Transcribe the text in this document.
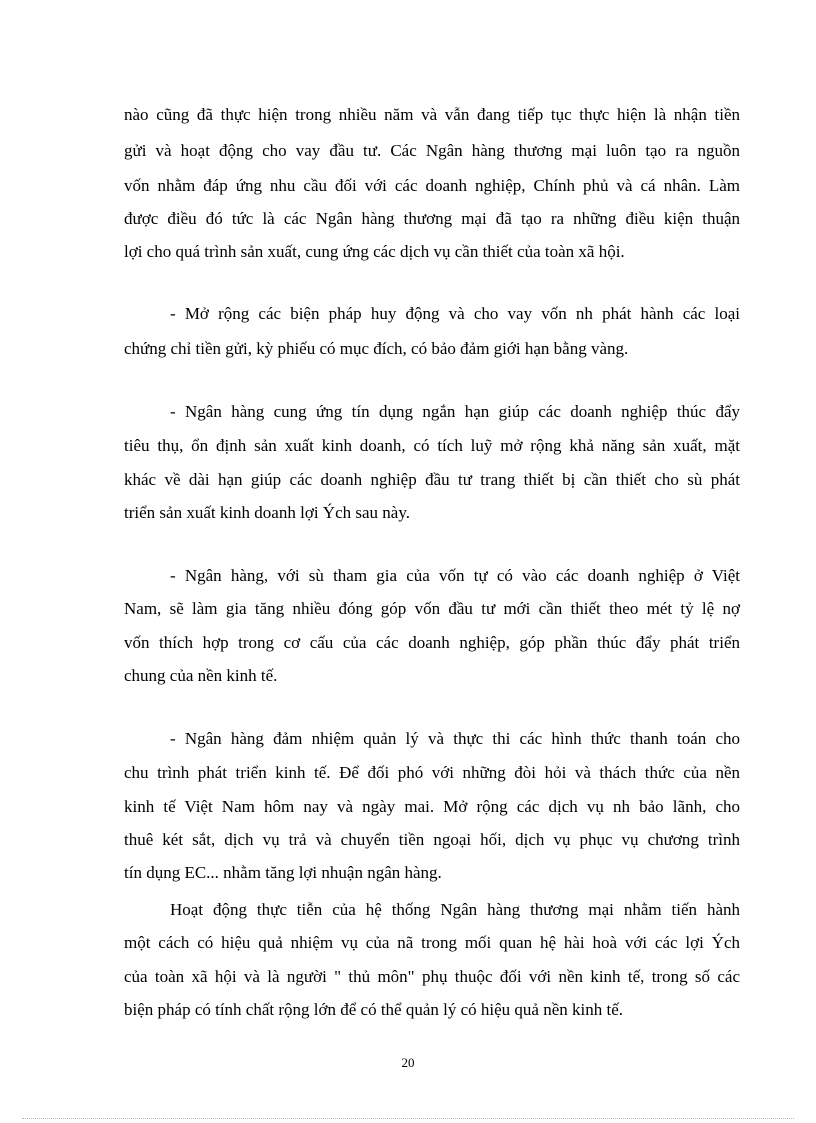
nào cũng đã thực hiện trong nhiều năm và vẫn đang tiếp tục thực hiện là nhận tiền
gửi và hoạt động cho vay đầu tư. Các Ngân hàng thương mại luôn tạo ra nguồn
vốn nhằm đáp ứng nhu cầu đối với các doanh nghiệp, Chính phủ và cá nhân. Làm
được điều đó tức là các Ngân hàng thương mại đã tạo ra những điều kiện thuận
lợi cho quá trình sản xuất, cung ứng các dịch vụ cần thiết của toàn xã hội.
- Mở rộng các biện pháp huy động và cho vay vốn nh phát hành các loại
chứng chỉ tiền gửi, kỳ phiếu có mục đích, có bảo đảm giới hạn bằng vàng.
- Ngân hàng cung ứng tín dụng ngắn hạn giúp các doanh nghiệp thúc đẩy
tiêu thụ, ổn định sản xuất kinh doanh, có tích luỹ mở rộng khả năng sản xuất, mặt
khác về dài hạn giúp các doanh nghiệp đầu tư trang thiết bị cần thiết cho sù phát
triển sản xuất kinh doanh lợi Ých sau này.
- Ngân hàng, với sù tham gia của vốn tự có vào các doanh nghiệp ở Việt
Nam, sẽ làm gia tăng nhiều đóng góp vốn đầu tư mới cần thiết theo mét tỷ lệ nợ
vốn thích hợp trong cơ cấu của các doanh nghiệp, góp phần thúc đẩy phát triển
chung của nền kinh tế.
- Ngân hàng đảm nhiệm quản lý và thực thi các hình thức thanh toán cho
chu trình phát triển kinh tế. Để đối phó với những đòi hỏi và thách thức của nền
kinh tế Việt Nam hôm nay và ngày mai. Mở rộng các dịch vụ nh bảo lãnh, cho
thuê két sắt, dịch vụ trả và chuyển tiền ngoại hối, dịch vụ phục vụ chương trình
tín dụng EC... nhằm tăng lợi nhuận ngân hàng.
Hoạt động thực tiễn của hệ thống Ngân hàng thương mại nhằm tiến hành
một cách có hiệu quả nhiệm vụ của nã trong mối quan hệ hài hoà với các lợi Ých
của toàn xã hội và là người " thủ môn" phụ thuộc đối với nền kinh tế, trong số các
biện pháp có tính chất rộng lớn để có thể quản lý có hiệu quả nền kinh tế.
20
